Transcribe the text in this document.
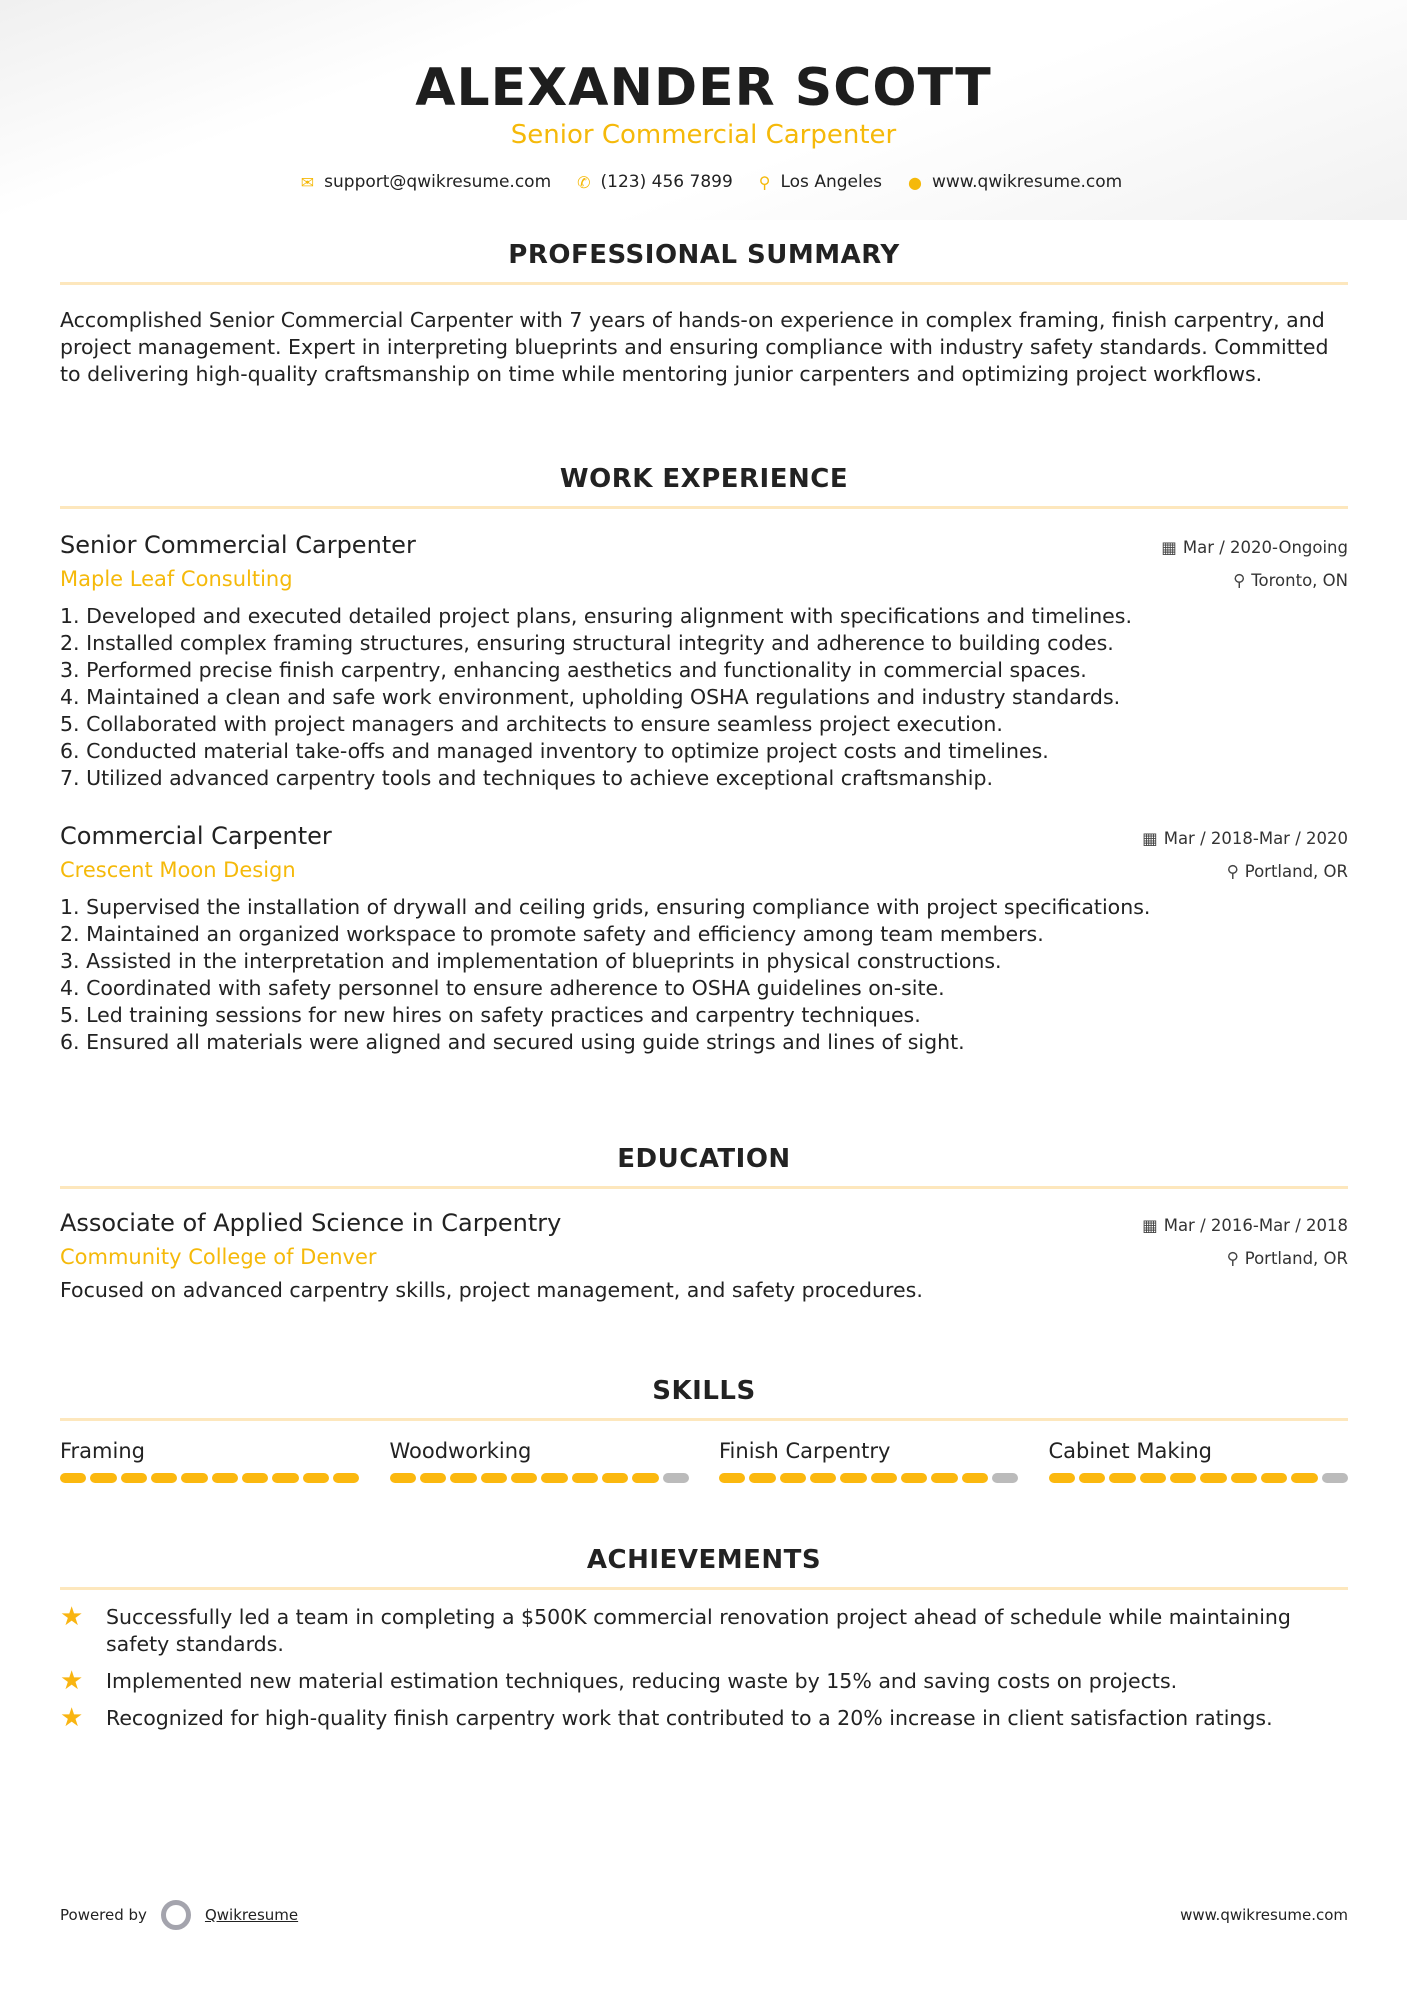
ALEXANDER SCOTT
Senior Commercial Carpenter
✉ support@qwikresume.com ✆ (123) 456 7899 ⚲ Los Angeles ● www.qwikresume.com
PROFESSIONAL SUMMARY

Accomplished Senior Commercial Carpenter with 7 years of hands-on experience in complex framing, finish carpentry, and project management. Expert in interpreting blueprints and ensuring compliance with industry safety standards. Committed to delivering high-quality craftsmanship on time while mentoring junior carpenters and optimizing project workflows.

WORK EXPERIENCE
Senior Commercial Carpenter	▦ Mar / 2020-Ongoing
Maple Leaf Consulting	⚲ Toronto, ON
1. Developed and executed detailed project plans, ensuring alignment with specifications and timelines.
2. Installed complex framing structures, ensuring structural integrity and adherence to building codes.
3. Performed precise finish carpentry, enhancing aesthetics and functionality in commercial spaces.
4. Maintained a clean and safe work environment, upholding OSHA regulations and industry standards.
5. Collaborated with project managers and architects to ensure seamless project execution.
6. Conducted material take-offs and managed inventory to optimize project costs and timelines.
7. Utilized advanced carpentry tools and techniques to achieve exceptional craftsmanship.
Commercial Carpenter	▦ Mar / 2018-Mar / 2020
Crescent Moon Design	⚲ Portland, OR
1. Supervised the installation of drywall and ceiling grids, ensuring compliance with project specifications.
2. Maintained an organized workspace to promote safety and efficiency among team members.
3. Assisted in the interpretation and implementation of blueprints in physical constructions.
4. Coordinated with safety personnel to ensure adherence to OSHA guidelines on-site.
5. Led training sessions for new hires on safety practices and carpentry techniques.
6. Ensured all materials were aligned and secured using guide strings and lines of sight.
EDUCATION
Associate of Applied Science in Carpentry	▦ Mar / 2016-Mar / 2018
Community College of Denver	⚲ Portland, OR

Focused on advanced carpentry skills, project management, and safety procedures.

SKILLS
Framing	Woodworking	Finish Carpentry	Cabinet Making
ACHIEVEMENTS
★	Successfully led a team in completing a $500K commercial renovation project ahead of schedule while maintaining safety standards.
★	Implemented new material estimation techniques, reducing waste by 15% and saving costs on projects.
★	Recognized for high-quality finish carpentry work that contributed to a 20% increase in client satisfaction ratings.
Powered by	Qwikresume	www.qwikresume.com
